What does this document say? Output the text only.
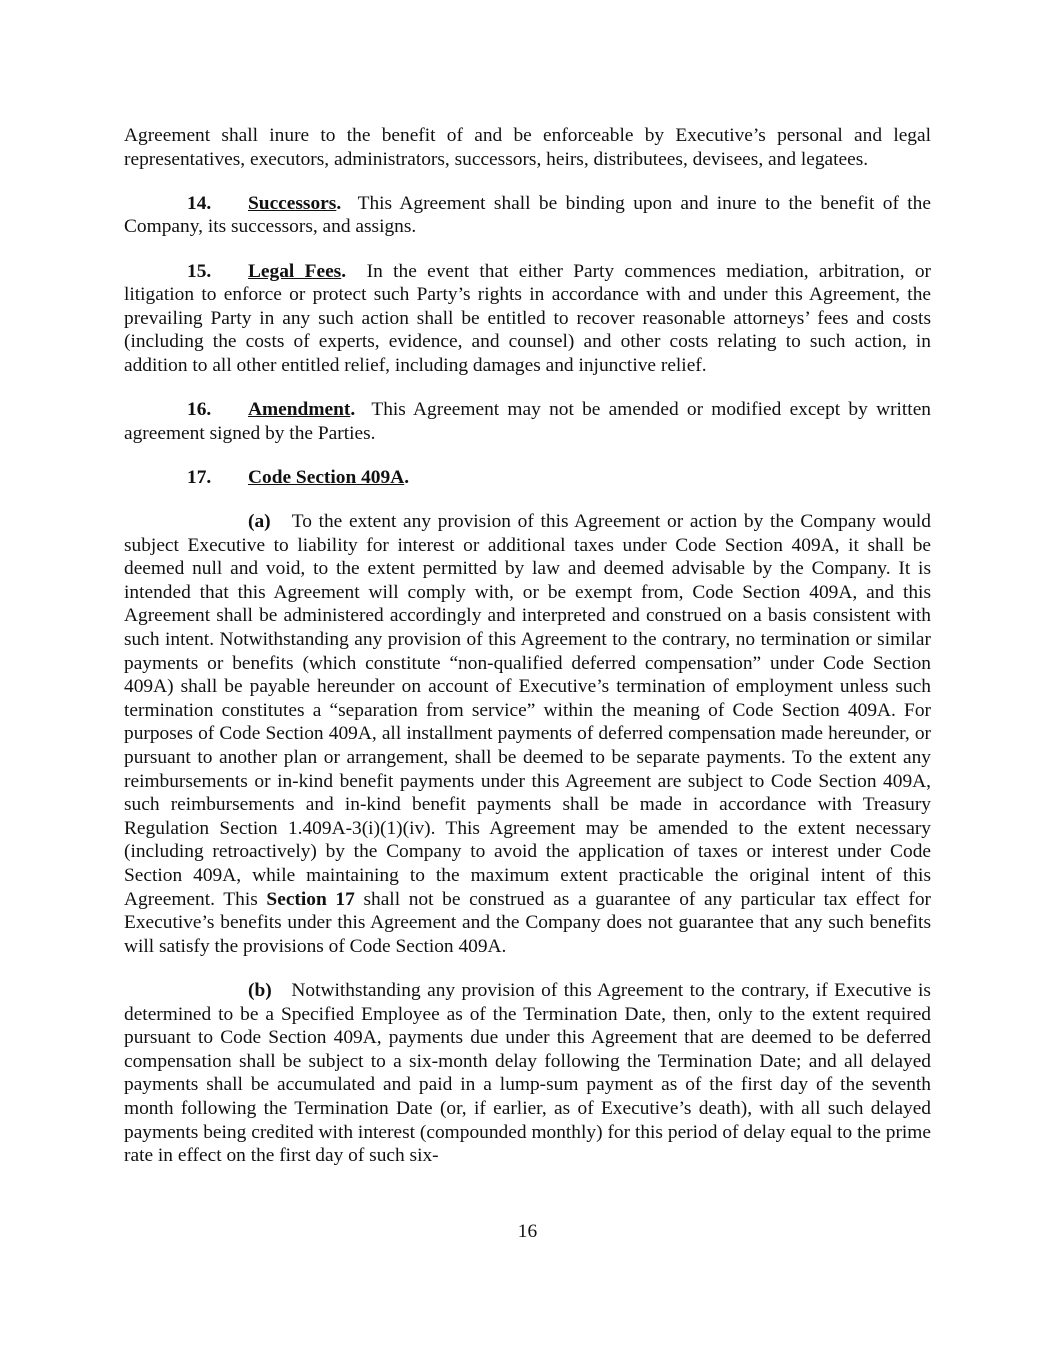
Agreement shall inure to the benefit of and be enforceable by Executive’s personal and legal representatives, executors, administrators, successors, heirs, distributees, devisees, and legatees.

14. Successors. This Agreement shall be binding upon and inure to the benefit of the Company, its successors, and assigns.

15. Legal Fees. In the event that either Party commences mediation, arbitration, or litigation to enforce or protect such Party’s rights in accordance with and under this Agreement, the prevailing Party in any such action shall be entitled to recover reasonable attorneys’ fees and costs (including the costs of experts, evidence, and counsel) and other costs relating to such action, in addition to all other entitled relief, including damages and injunctive relief.

16. Amendment. This Agreement may not be amended or modified except by written agreement signed by the Parties.

17. Code Section 409A.

(a) To the extent any provision of this Agreement or action by the Company would subject Executive to liability for interest or additional taxes under Code Section 409A, it shall be deemed null and void, to the extent permitted by law and deemed advisable by the Company. It is intended that this Agreement will comply with, or be exempt from, Code Section 409A, and this Agreement shall be administered accordingly and interpreted and construed on a basis consistent with such intent. Notwithstanding any provision of this Agreement to the contrary, no termination or similar payments or benefits (which constitute “non-qualified deferred compensation” under Code Section 409A) shall be payable hereunder on account of Executive’s termination of employment unless such termination constitutes a “separation from service” within the meaning of Code Section 409A. For purposes of Code Section 409A, all installment payments of deferred compensation made hereunder, or pursuant to another plan or arrangement, shall be deemed to be separate payments. To the extent any reimbursements or in-kind benefit payments under this Agreement are subject to Code Section 409A, such reimbursements and in-kind benefit payments shall be made in accordance with Treasury Regulation Section 1.409A-3(i)(1)(iv). This Agreement may be amended to the extent necessary (including retroactively) by the Company to avoid the application of taxes or interest under Code Section 409A, while maintaining to the maximum extent practicable the original intent of this Agreement. This Section 17 shall not be construed as a guarantee of any particular tax effect for Executive’s benefits under this Agreement and the Company does not guarantee that any such benefits will satisfy the provisions of Code Section 409A.

(b) Notwithstanding any provision of this Agreement to the contrary, if Executive is determined to be a Specified Employee as of the Termination Date, then, only to the extent required pursuant to Code Section 409A, payments due under this Agreement that are deemed to be deferred compensation shall be subject to a six-month delay following the Termination Date; and all delayed payments shall be accumulated and paid in a lump-sum payment as of the first day of the seventh month following the Termination Date (or, if earlier, as of Executive’s death), with all such delayed payments being credited with interest (compounded monthly) for this period of delay equal to the prime rate in effect on the first day of such six-

16
